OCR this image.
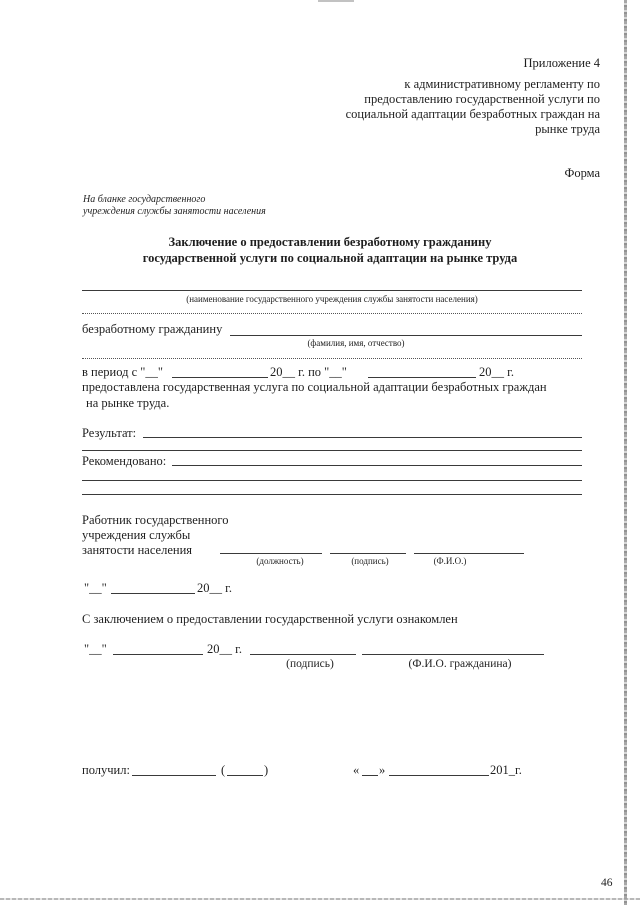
Приложение 4
к административному регламенту по
предоставлению государственной услуги по
социальной адаптации безработных граждан на
рынке труда
Форма
На бланке государственного
учреждения службы занятости населения
Заключение о предоставлении безработному гражданину
государственной услуги по социальной адаптации на рынке труда
(наименование государственного учреждения службы занятости населения)
безработному гражданину
(фамилия, имя, отчество)
в период с "__"	20__ г. по "__"	20__ г.
предоставлена государственная услуга по социальной адаптации безработных граждан
на рынке труда.
Результат:
Рекомендовано:
Работник государственного
учреждения службы
занятости населения
(должность)	(подпись)	(Ф.И.О.)
"__"	20__ г.
С заключением о предоставлении государственной услуги ознакомлен
"__"	20__ г.
(подпись)	(Ф.И.О. гражданина)
получил:	(	)	« »	201_г.
46
